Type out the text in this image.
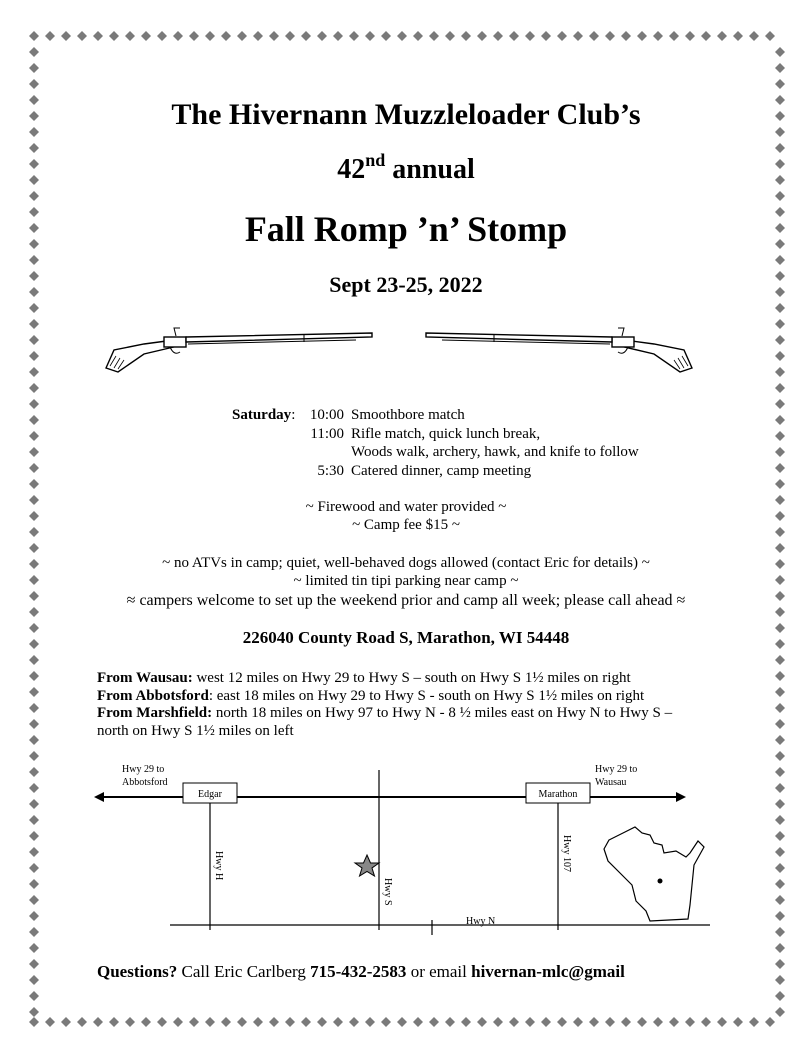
The Hivernann Muzzleloader Club’s
42nd annual
Fall Romp ’n’ Stomp
Sept 23-25, 2022
Saturday:	10:00	Smoothbore match
	11:00	Rifle match, quick lunch break,
		Woods walk, archery, hawk, and knife to follow
	5:30	Catered dinner, camp meeting
~ Firewood and water provided ~
~ Camp fee $15 ~
~ no ATVs in camp; quiet, well-behaved dogs allowed (contact Eric for details) ~
~ limited tin tipi parking near camp ~
≈ campers welcome to set up the weekend prior and camp all week; please call ahead ≈
226040 County Road S, Marathon, WI 54448
From Wausau: west 12 miles on Hwy 29 to Hwy S – south on Hwy S 1½ miles on right
From Abbotsford: east 18 miles on Hwy 29 to Hwy S - south on Hwy S 1½ miles on right
From Marshfield: north 18 miles on Hwy 97 to Hwy N - 8 ½ miles east on Hwy N to Hwy S –
north on Hwy S 1½ miles on left
Edgar	Marathon
Hwy 29 to
Abbotsford
Hwy 29 to
Wausau
Hwy H
Hwy S
Hwy 107
Hwy N
Questions? Call Eric Carlberg 715-432-2583 or email hivernan-mlc@gmail
